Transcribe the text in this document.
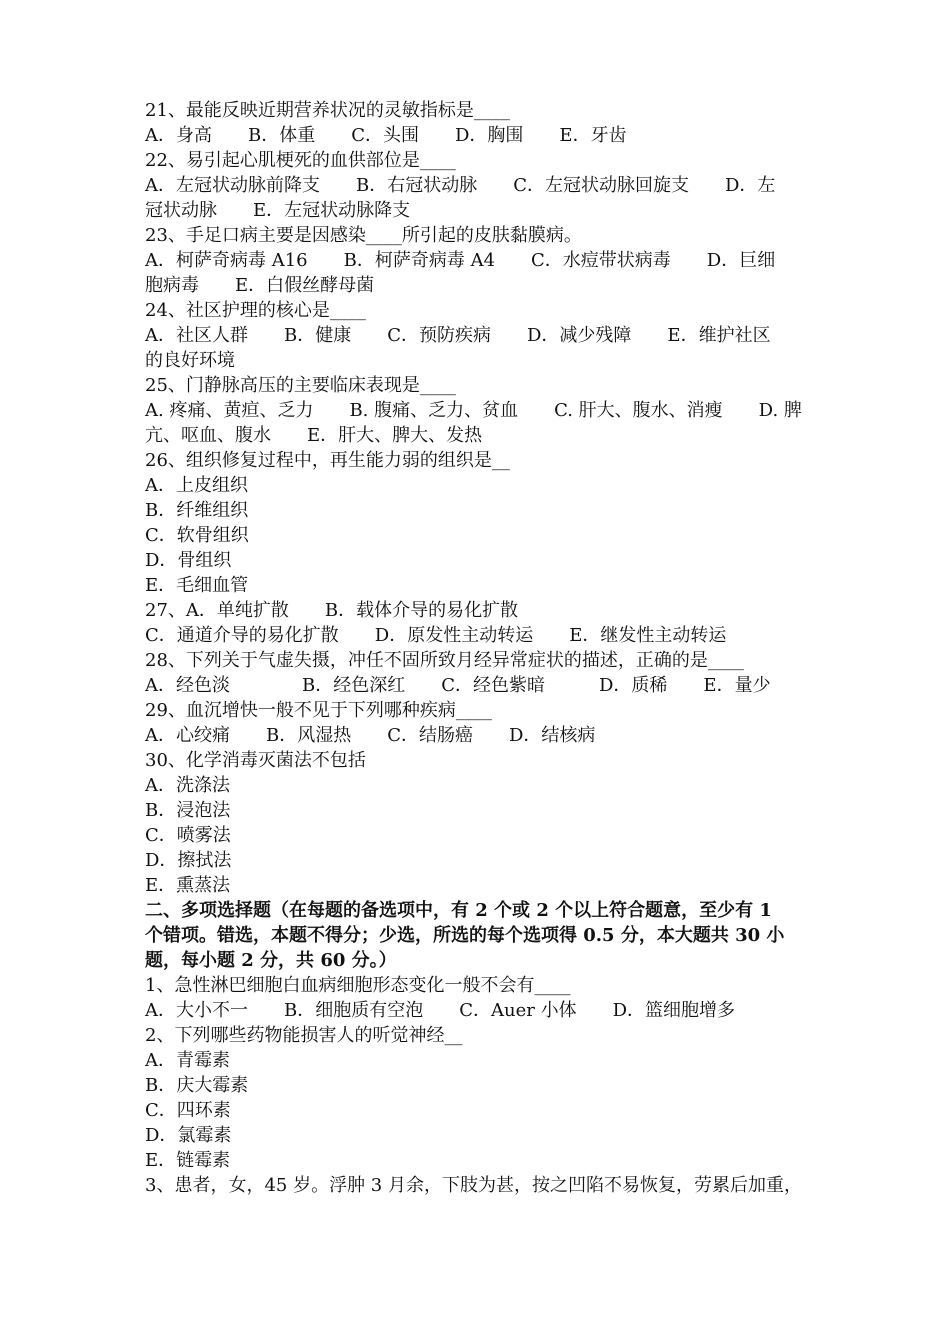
21、最能反映近期营养状况的灵敏指标是____
A．身高　　B．体重　　C．头围　　D．胸围　　E．牙齿
22、易引起心肌梗死的血供部位是____
A．左冠状动脉前降支　　B．右冠状动脉　　C．左冠状动脉回旋支　　D．左
冠状动脉　　E．左冠状动脉降支
23、手足口病主要是因感染____所引起的皮肤黏膜病。
A．柯萨奇病毒 A16　　B．柯萨奇病毒 A4　　C．水痘带状病毒　　D．巨细
胞病毒　　E．白假丝酵母菌
24、社区护理的核心是____
A．社区人群　　B．健康　　C．预防疾病　　D．减少残障　　E．维护社区
的良好环境
25、门静脉高压的主要临床表现是____
A. 疼痛、黄疸、乏力　　B. 腹痛、乏力、贫血　　C. 肝大、腹水、消瘦　　D. 脾
亢、呕血、腹水　　E．肝大、脾大、发热
26、组织修复过程中，再生能力弱的组织是__
A．上皮组织
B．纤维组织
C．软骨组织
D．骨组织
E．毛细血管
27、A．单纯扩散　　B．载体介导的易化扩散
C．通道介导的易化扩散　　D．原发性主动转运　　E．继发性主动转运
28、下列关于气虚失摄，冲任不固所致月经异常症状的描述，正确的是____
A．经色淡　　　　B．经色深红　　C．经色紫暗　　　D．质稀　　E．量少
29、血沉增快一般不见于下列哪种疾病____
A．心绞痛　　B．风湿热　　C．结肠癌　　D．结核病
30、化学消毒灭菌法不包括
A．洗涤法
B．浸泡法
C．喷雾法
D．擦拭法
E．熏蒸法
二、多项选择题（在每题的备选项中，有 2 个或 2 个以上符合题意，至少有 1
个错项。错选，本题不得分；少选，所选的每个选项得 0.5 分，本大题共 30 小
题，每小题 2 分，共 60 分。）
1、急性淋巴细胞白血病细胞形态变化一般不会有____
A．大小不一　　B．细胞质有空泡　　C．Auer 小体　　D．篮细胞增多
2、下列哪些药物能损害人的听觉神经__
A．青霉素
B．庆大霉素
C．四环素
D．氯霉素
E．链霉素
3、患者，女，45 岁。浮肿 3 月余，下肢为甚，按之凹陷不易恢复，劳累后加重，
